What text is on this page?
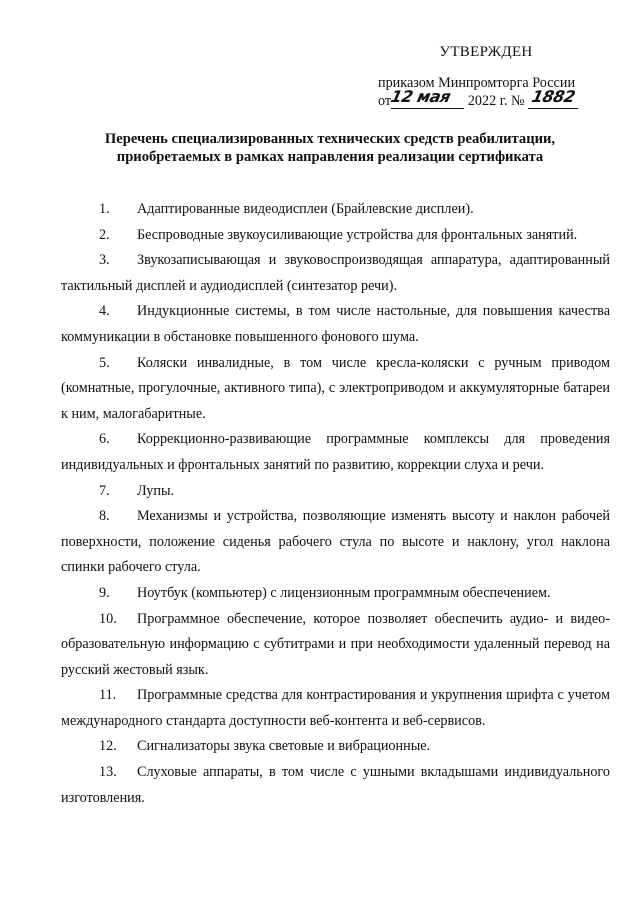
УТВЕРЖДЕН
приказом Минпромторга России
от12 мая 2022 г. № 1882
Перечень специализированных технических средств реабилитации,
приобретаемых в рамках направления реализации сертификата

1. Адаптированные видеодисплеи (Брайлевские дисплеи).

2. Беспроводные звукоусиливающие устройства для фронтальных занятий.

3. Звукозаписывающая и звуковоспроизводящая аппаратура, адаптированный тактильный дисплей и аудиодисплей (синтезатор речи).

4. Индукционные системы, в том числе настольные, для повышения качества коммуникации в обстановке повышенного фонового шума.

5. Коляски инвалидные, в том числе кресла-коляски с ручным приводом (комнатные, прогулочные, активного типа), с электроприводом и аккумуляторные батареи к ним, малогабаритные.

6. Коррекционно-развивающие программные комплексы для проведения индивидуальных и фронтальных занятий по развитию, коррекции слуха и речи.

7. Лупы.

8. Механизмы и устройства, позволяющие изменять высоту и наклон рабочей поверхности, положение сиденья рабочего стула по высоте и наклону, угол наклона спинки рабочего стула.

9. Ноутбук (компьютер) с лицензионным программным обеспечением.

10. Программное обеспечение, которое позволяет обеспечить аудио- и видео-образовательную информацию с субтитрами и при необходимости удаленный перевод на русский жестовый язык.

11. Программные средства для контрастирования и укрупнения шрифта с учетом международного стандарта доступности веб-контента и веб-сервисов.

12. Сигнализаторы звука световые и вибрационные.

13. Слуховые аппараты, в том числе с ушными вкладышами индивидуального изготовления.
